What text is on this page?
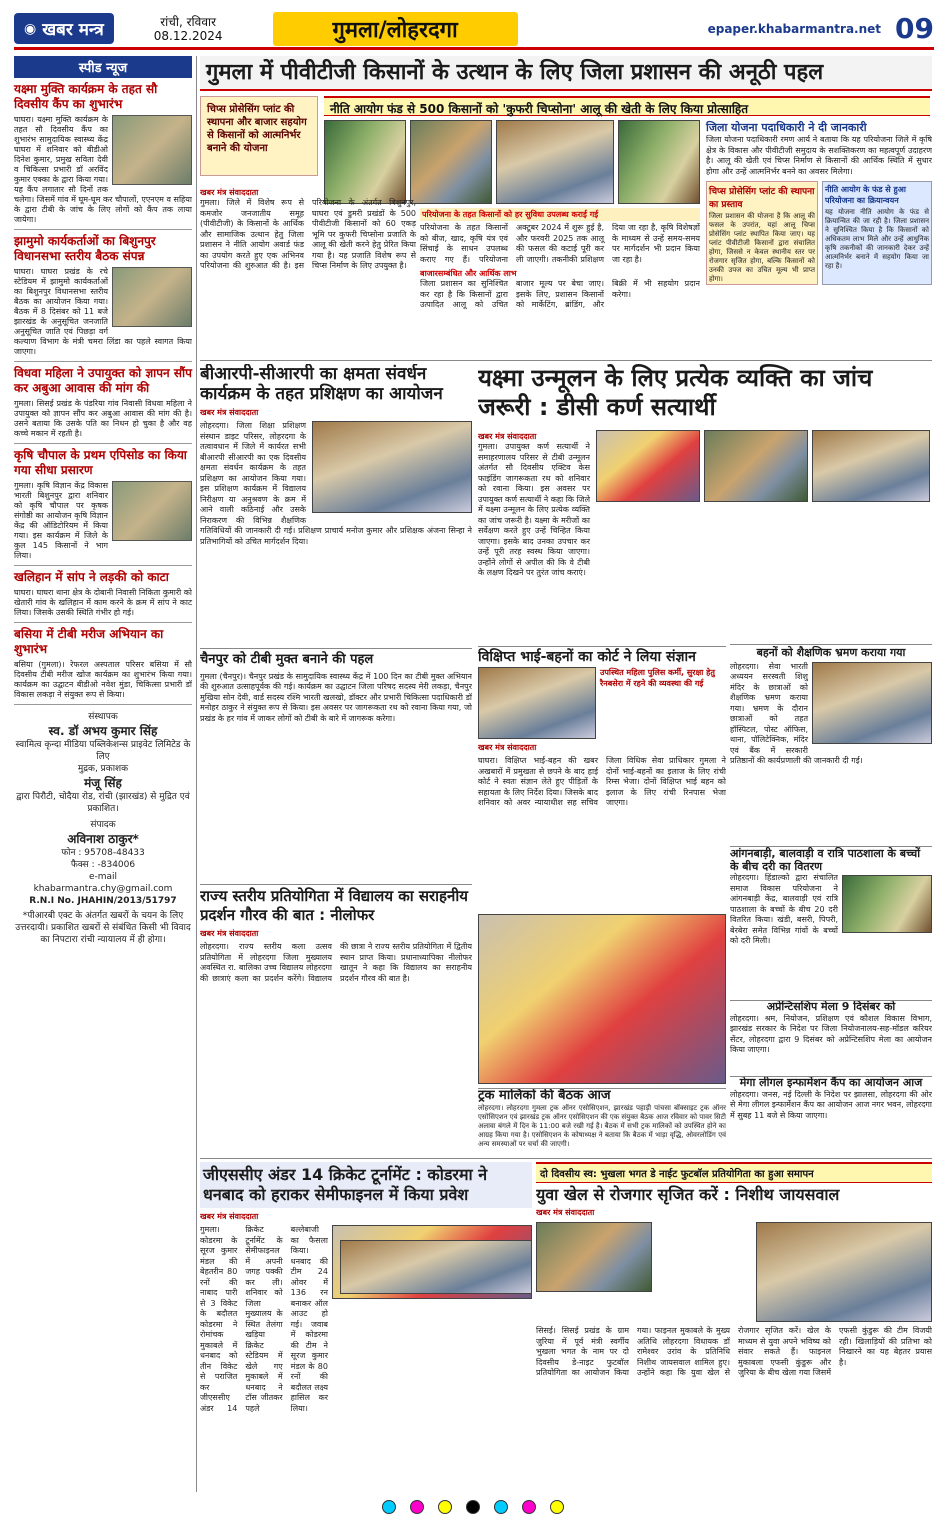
◉ खबर मन्त्र	रांची, रविवार
08.12.2024	गुमला/लोहरदगा	epaper.khabarmantra.net 09
स्पीड न्यूज
यक्ष्मा मुक्ति कार्यक्रम के तहत सौ दिवसीय कैंप का शुभारंभ
घाघरा। यक्ष्मा मुक्ति कार्यक्रम के तहत सौ दिवसीय कैंप का शुभारंभ सामुदायिक स्वास्थ्य केंद्र घाघरा में शनिवार को बीडीओ दिनेश कुमार, प्रमुख सविता देवी व चिकित्सा प्रभारी डॉ अरविंद कुमार एक्का के द्वारा किया गया। यह कैंप लगातार सौ दिनों तक चलेगा। जिसमें गांव में घूम-घूम कर चौपालों, एएनएम व सहिया के द्वारा टीबी के जांच के लिए लोगों को कैंप तक लाया जायेगा।
झामुमो कार्यकर्ताओं का बिशुनपुर विधानसभा स्तरीय बैठक संपन्न
घाघरा। घाघरा प्रखंड के रचे स्टेडियम में झामुमो कार्यकर्ताओं का बिशुनपुर विधानसभा स्तरीय बैठक का आयोजन किया गया। बैठक में 8 दिसंबर को 11 बजे झारखंड के अनुसूचित जनजाति अनुसूचित जाति एवं पिछड़ा वर्ग कल्याण विभाग के मंत्री चमरा लिंडा का पहले स्वागत किया जाएगा।
विधवा महिला ने उपायुक्त को ज्ञापन सौंप कर अबुआ आवास की मांग की
गुमला। सिसई प्रखंड के पंडरिया गांव निवासी विधवा महिला ने उपायुक्त को ज्ञापन सौंप कर अबुआ आवास की मांग की है। उसने बताया कि उसके पति का निधन हो चुका है और वह कच्चे मकान में रहती है।
कृषि चौपाल के प्रथम एपिसोड का किया गया सीधा प्रसारण
गुमला। कृषि विज्ञान केंद्र विकास भारती बिशुनपुर द्वारा शनिवार को कृषि चौपाल पर कृषक संगोष्ठी का आयोजन कृषि विज्ञान केंद्र की ऑडिटोरियम में किया गया। इस कार्यक्रम में जिले के कुल 145 किसानों ने भाग लिया।
खलिहान में सांप ने लड़की को काटा
घाघरा। घाघरा थाना क्षेत्र के दोबानी निवासी निकिता कुमारी को खेतारी गांव के खलिहान में काम करने के क्रम में सांप ने काट लिया। जिसके उसकी स्थिति गंभीर हो गई।
बसिया में टीबी मरीज अभियान का शुभारंभ
बसिया (गुमला)। रेफरल अस्पताल परिसर बसिया में सौ दिवसीय टीबी मरीज खोज कार्यक्रम का शुभारंभ किया गया। कार्यक्रम का उद्घाटन बीडीओ नवेश मुंडा, चिकित्सा प्रभारी डॉ विकास लकड़ा ने संयुक्त रूप से किया।
संस्थापक
स्व. डॉ अभय कुमार सिंह
स्वामित्व कृन्दा मीडिया पब्लिकेशन्स प्राइवेट लिमिटेड के लिए
मुद्रक, प्रकाशक
मंजू सिंह
द्वारा पिरौटी, चोदैया रोड, रांची (झारखंड) से मुद्रित एवं प्रकाशित।
संपादक
अविनाश ठाकुर*
फोन : 95708-48433
फैक्स : -834006
e-mail
khabarmantra.chy@gmail.com
R.N.I No. JHAHIN/2013/51797
*पीआरबी एक्ट के अंतर्गत खबरों के चयन के लिए उत्तरदायी। प्रकाशित खबरों से संबंधित किसी भी विवाद का निपटारा रांची न्यायालय में ही होगा।
गुमला में पीवीटीजी किसानों के उत्थान के लिए जिला प्रशासन की अनूठी पहल
चिप्स प्रोसेसिंग प्लांट की स्थापना और बाजार सहयोग से किसानों को आत्मनिर्भर बनाने की योजना
नीति आयोग फंड से 500 किसानों को 'कुफरी चिप्सोना' आलू की खेती के लिए किया प्रोत्साहित
खबर मंत्र संवाददाता
गुमला। जिले में विशेष रूप से कमजोर जनजातीय समूह (पीवीटीजी) के किसानों के आर्थिक और सामाजिक उत्थान हेतु जिला प्रशासन ने नीति आयोग अवार्ड फंड का उपयोग करते हुए एक अभिनव परियोजना की शुरुआत की है। इस परियोजना के अंतर्गत बिशुनपुर, घाघरा एवं डुमरी प्रखंडों के 500 पीवीटीजी किसानों को 60 एकड़ भूमि पर कुफरी चिप्सोना प्रजाति के आलू की खेती करने हेतु प्रेरित किया गया है। यह प्रजाति विशेष रूप से चिप्स निर्माण के लिए उपयुक्त है।
परियोजना के तहत किसानों को हर सुविधा उपलब्ध कराई गई
परियोजना के तहत किसानों को बीज, खाद, कृषि यंत्र एवं सिंचाई के साधन उपलब्ध कराए गए हैं। परियोजना अक्टूबर 2024 में शुरू हुई है, और फरवरी 2025 तक आलू की फसल की कटाई पूरी कर ली जाएगी। तकनीकी प्रशिक्षण दिया जा रहा है, कृषि विशेषज्ञों के माध्यम से उन्हें समय-समय पर मार्गदर्शन भी प्रदान किया जा रहा है।
बाजारसम्बंधित और आर्थिक लाभ
जिला प्रशासन का सुनिश्चित कर रहा है कि किसानों द्वारा उत्पादित आलू को उचित बाजार मूल्य पर बेचा जाए। इसके लिए, प्रशासन किसानों को मार्केटिंग, ब्रांडिंग, और बिक्री में भी सहयोग प्रदान करेगा।
जिला योजना पदाधिकारी ने दी जानकारी
जिला योजना पदाधिकारी रमण आर्य ने बताया कि यह परियोजना जिले में कृषि क्षेत्र के विकास और पीवीटीजी समुदाय के सशक्तिकरण का महत्वपूर्ण उदाहरण है। आलू की खेती एवं चिप्स निर्माण से किसानों की आर्थिक स्थिति में सुधार होगा और उन्हें आत्मनिर्भर बनने का अवसर मिलेगा।
चिप्स प्रोसेसिंग प्लांट की स्थापना का प्रस्ताव
जिला प्रशासन की योजना है कि आलू की फसल के उपरांत, यहां आलू चिप्स प्रोसेसिंग प्लांट स्थापित किया जाए। यह प्लांट पीवीटीजी किसानों द्वारा संचालित होगा, जिससे न केवल स्थानीय स्तर पर रोजगार सृजित होगा, बल्कि किसानों को उनकी उपज का उचित मूल्य भी प्राप्त होगा।
नीति आयोग के फंड से हुआ परियोजना का क्रियान्वयन
यह योजना नीति आयोग के फंड से क्रियान्वित की जा रही है। जिला प्रशासन ने सुनिश्चित किया है कि किसानों को अधिकतम लाभ मिले और उन्हें आधुनिक कृषि तकनीकों की जानकारी देकर उन्हें आत्मनिर्भर बनाने में सहयोग किया जा रहा है।
बीआरपी-सीआरपी का क्षमता संवर्धन कार्यक्रम के तहत प्रशिक्षण का आयोजन
खबर मंत्र संवाददाता
लोहरदगा। जिला शिक्षा प्रशिक्षण संस्थान डाइट परिसर, लोहरदगा के तत्वावधान में जिले में कार्यरत सभी बीआरपी सीआरपी का एक दिवसीय क्षमता संवर्धन कार्यक्रम के तहत प्रशिक्षण का आयोजन किया गया। इस प्रशिक्षण कार्यक्रम में विद्यालय निरीक्षण या अनुश्रवण के क्रम में आने वाली कठिनाई और उसके निराकरण की विभिन्न शैक्षणिक गतिविधियों की जानकारी दी गई। प्रशिक्षण प्राचार्य मनोज कुमार और प्रशिक्षक अंजना सिन्हा ने प्रतिभागियों को उचित मार्गदर्शन दिया।
चैनपुर को टीबी मुक्त बनाने की पहल
गुमला (चैनपुर)। चैनपुर प्रखंड के सामुदायिक स्वास्थ्य केंद्र में 100 दिन का टीबी मुक्त अभियान की शुरुआत उत्साहपूर्वक की गई। कार्यक्रम का उद्घाटन जिला परिषद सदस्य मेरी लकड़ा, चैनपुर मुखिया सोन देवी, वार्ड सदस्य रश्मि भारती खलखो, डॉक्टर और प्रभारी चिकित्सा पदाधिकारी डॉ मनोहर ठाकुर ने संयुक्त रूप से किया। इस अवसर पर जागरूकता रथ को रवाना किया गया, जो प्रखंड के हर गांव में जाकर लोगों को टीबी के बारे में जागरूक करेगा।
यक्ष्मा उन्मूलन के लिए प्रत्येक व्यक्ति का जांच जरूरी : डीसी कर्ण सत्यार्थी
खबर मंत्र संवाददाता
गुमला। उपायुक्त कर्ण सत्यार्थी ने समाहरणालय परिसर से टीबी उन्मूलन अंतर्गत सौ दिवसीय एक्टिव केस फाइंडिंग जागरूकता रथ को शनिवार को रवाना किया। इस अवसर पर उपायुक्त कर्ण सत्यार्थी ने कहा कि जिले में यक्ष्मा उन्मूलन के लिए प्रत्येक व्यक्ति का जांच जरूरी है। यक्ष्मा के मरीजों का सर्वेक्षण करते हुए उन्हें चिन्हित किया जाएगा। इसके बाद उनका उपचार कर उन्हें पूरी तरह स्वस्थ किया जाएगा। उन्होंने लोगों से अपील की कि वे टीबी के लक्षण दिखने पर तुरंत जांच कराएं।
बहनों को शैक्षणिक भ्रमण कराया गया
लोहरदगा। सेवा भारती अध्ययन सरस्वती शिशु मंदिर के छात्राओं को शैक्षणिक भ्रमण कराया गया। भ्रमण के दौरान छात्राओं को तहत हॉस्पिटल, पोस्ट ऑफिस, थाना, पॉलिटेक्निक, मंदिर एवं बैंक में सरकारी प्रतिष्ठानों की कार्यप्रणाली की जानकारी दी गई।
आंगनबाड़ी, बालवाड़ी व रात्रि पाठशाला के बच्चों के बीच दरी का वितरण
लोहरदगा। हिंडाल्को द्वारा संचालित समाज विकास परियोजना ने आंगनबाड़ी केंद्र, बालवाड़ी एवं रात्रि पाठशाला के बच्चों के बीच 20 दरी वितरित किया। खंडी, बसरी, पिपरी, बेरबेरा समेत विभिन्न गांवों के बच्चों को दरी मिली।
अप्रेन्टिसशिप मेला 9 दिसंबर को
लोहरदगा। श्रम, नियोजन, प्रशिक्षण एवं कौशल विकास विभाग, झारखंड सरकार के निदेश पर जिला नियोजनालय-सह-मॉडल करियर सेंटर, लोहरदगा द्वारा 9 दिसंबर को अप्रेन्टिसशिप मेला का आयोजन किया जाएगा।
मेगा लीगल इन्फार्मेशन कैंप का आयोजन आज
लोहरदगा। जनस, नई दिल्ली के निदेश पर झालसा, लोहरदगा की ओर से मेगा लीगल इन्फार्मेशन कैंप का आयोजन आज नगर भवन, लोहरदगा में सुबह 11 बजे से किया जाएगा।
विक्षिप्त भाई-बहनों का कोर्ट ने लिया संज्ञान
उपस्थित महिला पुलिस कर्मी, सुरक्षा हेतु रैनबसेरा में रहने की व्यवस्था की गई
खबर मंत्र संवाददाता
घाघरा। विक्षिप्त भाई-बहन की खबर अखबारों में प्रमुखता से छपने के बाद हाई कोर्ट ने स्वतः संज्ञान लेते हुए पीड़ितों के सहायता के लिए निर्देश दिया। जिसके बाद शनिवार को अवर न्यायाधीश सह सचिव जिला विधिक सेवा प्राधिकार गुमला ने दोनों भाई-बहनों का इलाज के लिए रांची रिम्स भेजा। दोनों विक्षिप्त भाई बहन को इलाज के लिए रांची रिनपास भेजा जाएगा।
राज्य स्तरीय प्रतियोगिता में विद्यालय का सराहनीय प्रदर्शन गौरव की बात : नीलोफर
खबर मंत्र संवाददाता
लोहरदगा। राज्य स्तरीय कला उत्सव प्रतियोगिता में लोहरदगा जिला मुख्यालय अवस्थित रा. बालिका उच्च विद्यालय लोहरदगा की छात्राएं कला का प्रदर्शन करेंगे। विद्यालय की छात्रा ने राज्य स्तरीय प्रतियोगिता में द्वितीय स्थान प्राप्त किया। प्रधानाध्यापिका नीलोफर खातून ने कहा कि विद्यालय का सराहनीय प्रदर्शन गौरव की बात है।
ट्रक मालिकों की बैठक आज
लोहरदगा। लोहरदगा गुमला ट्रक ऑनर एसोसिएशन, झारखंड पहाड़ी पांचसा बॉक्साइट ट्रक ऑनर एसोसिएशन एवं झारखंड ट्रक ऑनर एसोसिएशन की एक संयुक्त बैठक आज रविवार को पावर सिटी अलावा बंगले में दिन के 11:00 बजे रखी गई है। बैठक में सभी ट्रक मालिकों को उपस्थित होने का आग्रह किया गया है। एसोसिएशन के कोषाध्यक्ष ने बताया कि बैठक में भाड़ा वृद्धि, ओवरलोडिंग एवं अन्य समस्याओं पर चर्चा की जाएगी।
जीएससीए अंडर 14 क्रिकेट टूर्नामेंट : कोडरमा ने धनबाद को हराकर सेमीफाइनल में किया प्रवेश
खबर मंत्र संवाददाता
गुमला। कोडरमा के सूरज कुमार मंडल की बेहतरीन 80 रनों की नाबाद पारी से 3 विकेट के बदौलत कोडरमा ने रोमांचक मुकाबले में धनबाद को तीन विकेट से पराजित कर जीएससीए अंडर 14 क्रिकेट टूर्नामेंट के सेमीफाइनल में अपनी जगह पक्की कर ली। शनिवार को जिला मुख्यालय के स्थित तेलंगा खड़िया क्रिकेट स्टेडियम में खेले गए मुकाबले में धनबाद ने टॉस जीतकर पहले बल्लेबाजी का फैसला किया। धनबाद की टीम 24 ओवर में 136 रन बनाकर ऑल आउट हो गई। जवाब में कोडरमा की टीम ने सूरज कुमार मंडल के 80 रनों की बदौलत लक्ष्य हासिल कर लिया।
दो दिवसीय स्व: भुखला भगत डे नाईट फुटबॉल प्रतियोगिता का हुआ समापन
युवा खेल से रोजगार सृजित करें : निशीथ जायसवाल
खबर मंत्र संवाददाता
सिसई। सिसई प्रखंड के ग्राम जुरिया में पूर्व मंत्री स्वर्गीय भुखला भगत के नाम पर दो दिवसीय डे-नाइट फुटबॉल प्रतियोगिता का आयोजन किया गया। फाइनल मुकाबले के मुख्य अतिथि लोहरदगा विधायक डॉ रामेश्वर उरांव के प्रतिनिधि निशीथ जायसवाल शामिल हुए। उन्होंने कहा कि युवा खेल से रोजगार सृजित करें। खेल के माध्यम से युवा अपने भविष्य को संवार सकते हैं। फाइनल मुकाबला एफसी कुंडुरू और जुरिया के बीच खेला गया जिसमें एफसी कुंडुरू की टीम विजयी रही। खिलाड़ियों की प्रतिभा को निखारने का यह बेहतर प्रयास है।
